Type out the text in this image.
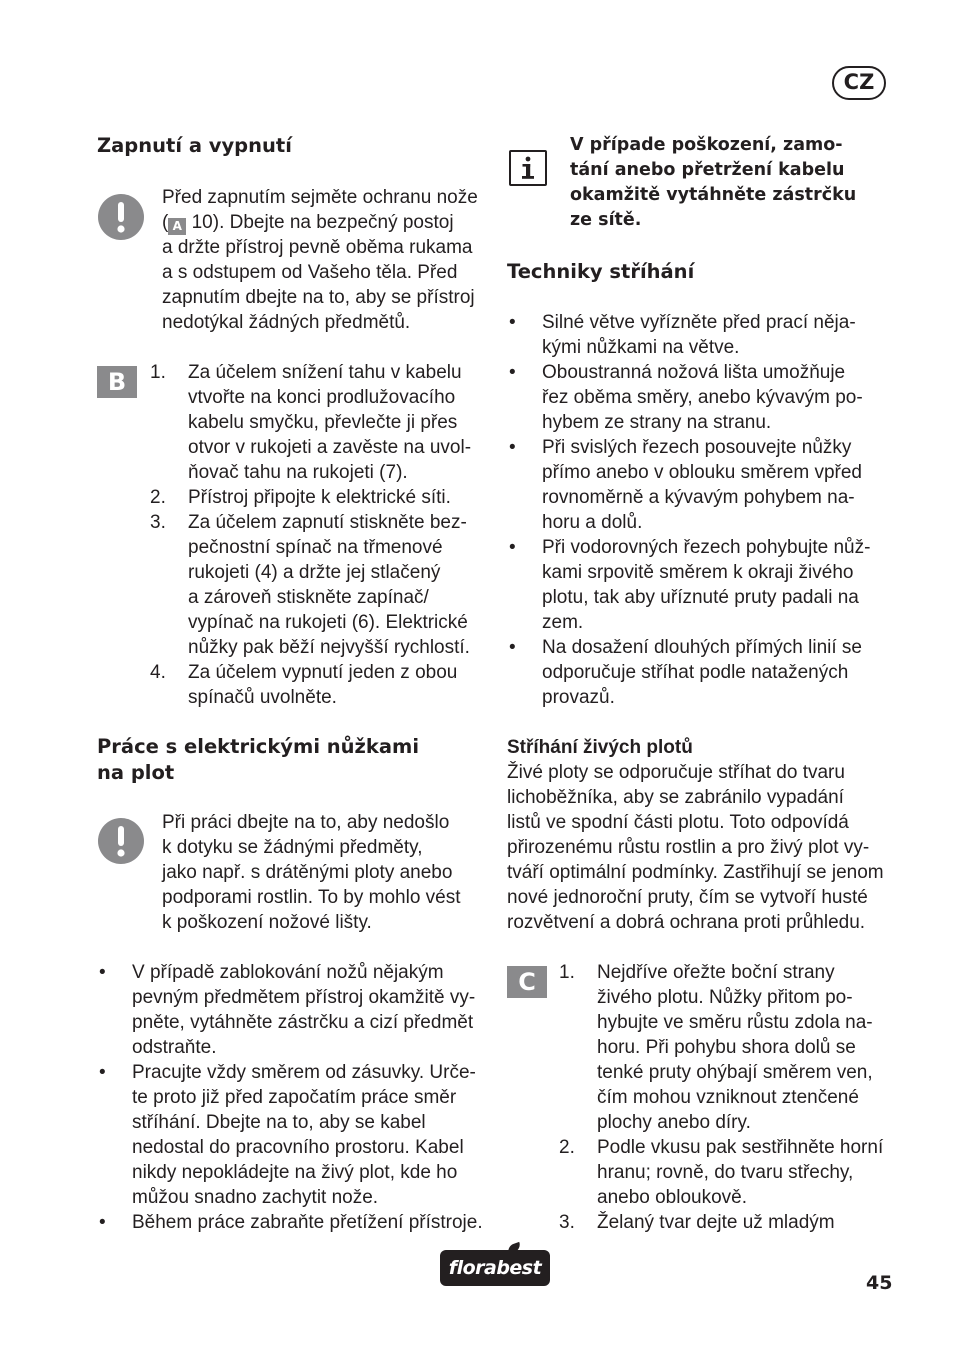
CZ
Zapnutí a vypnutí
Před zapnutím sejměte ochranu nože
( A 10). Dbejte na bezpečný postoj
a držte přístroj pevně oběma rukama
a s odstupem od Vašeho těla. Před
zapnutím dbejte na to, aby se přístroj
nedotýkal žádných předmětů.
B	1. Za účelem snížení tahu v kabelu
vtvořte na konci prodlužovacího
kabelu smyčku, převlečte ji přes
otvor v rukojeti a zavěste na uvol-
ňovač tahu na rukojeti (7).
2. Přístroj připojte k elektrické síti.
3. Za účelem zapnutí stiskněte bez-
pečnostní spínač na třmenové
rukojeti (4) a držte jej stlačený
a zároveň stiskněte zapínač/
vypínač na rukojeti (6). Elektrické
nůžky pak běží nejvyšší rychlostí.
4. Za účelem vypnutí jeden z obou
spínačů uvolněte.
Práce s elektrickými nůžkami
na plot
Při práci dbejte na to, aby nedošlo
k dotyku se žádnými předměty,
jako např. s drátěnými ploty anebo
podporami rostlin. To by mohlo vést
k poškození nožové lišty.
• V případě zablokování nožů nějakým
pevným předmětem přístroj okamžitě vy-
pněte, vytáhněte zástrčku a cizí předmět
odstraňte.
• Pracujte vždy směrem od zásuvky. Urče-
te proto již před započatím práce směr
stříhání. Dbejte na to, aby se kabel
nedostal do pracovního prostoru. Kabel
nikdy nepokládejte na živý plot, kde ho
můžou snadno zachytit nože.
• Během práce zabraňte přetížení přístroje.
V případe poškození, zamo-
tání anebo přetržení kabelu
okamžitě vytáhněte zástrčku
ze sítě.
Techniky stříhání
• Silné větve vyřízněte před prací něja-
kými nůžkami na větve.
• Oboustranná nožová lišta umožňuje
řez oběma směry, anebo kývavým po-
hybem ze strany na stranu.
• Při svislých řezech posouvejte nůžky
přímo anebo v oblouku směrem vpřed
rovnoměrně a kývavým pohybem na-
horu a dolů.
• Při vodorovných řezech pohybujte nůž-
kami srpovitě směrem k okraji živého
plotu, tak aby uříznuté pruty padali na
zem.
• Na dosažení dlouhých přímých linií se
odporučuje stříhat podle natažených
provazů.
Stříhání živých plotů
Živé ploty se odporučuje stříhat do tvaru
lichoběžníka, aby se zabránilo vypadání
listů ve spodní části plotu. Toto odpovídá
přirozenému růstu rostlin a pro živý plot vy-
tváří optimální podmínky. Zastřihují se jenom
nové jednoroční pruty, čím se vytvoří husté
rozvětvení a dobrá ochrana proti průhledu.
C	1. Nejdříve ořežte boční strany
živého plotu. Nůžky přitom po-
hybujte ve směru růstu zdola na-
horu. Při pohybu shora dolů se
tenké pruty ohýbají směrem ven,
čím mohou vzniknout ztenčené
plochy anebo díry.
2. Podle vkusu pak sestřihněte horní
hranu; rovně, do tvaru střechy,
anebo obloukově.
3. Želaný tvar dejte už mladým
florabest
45
